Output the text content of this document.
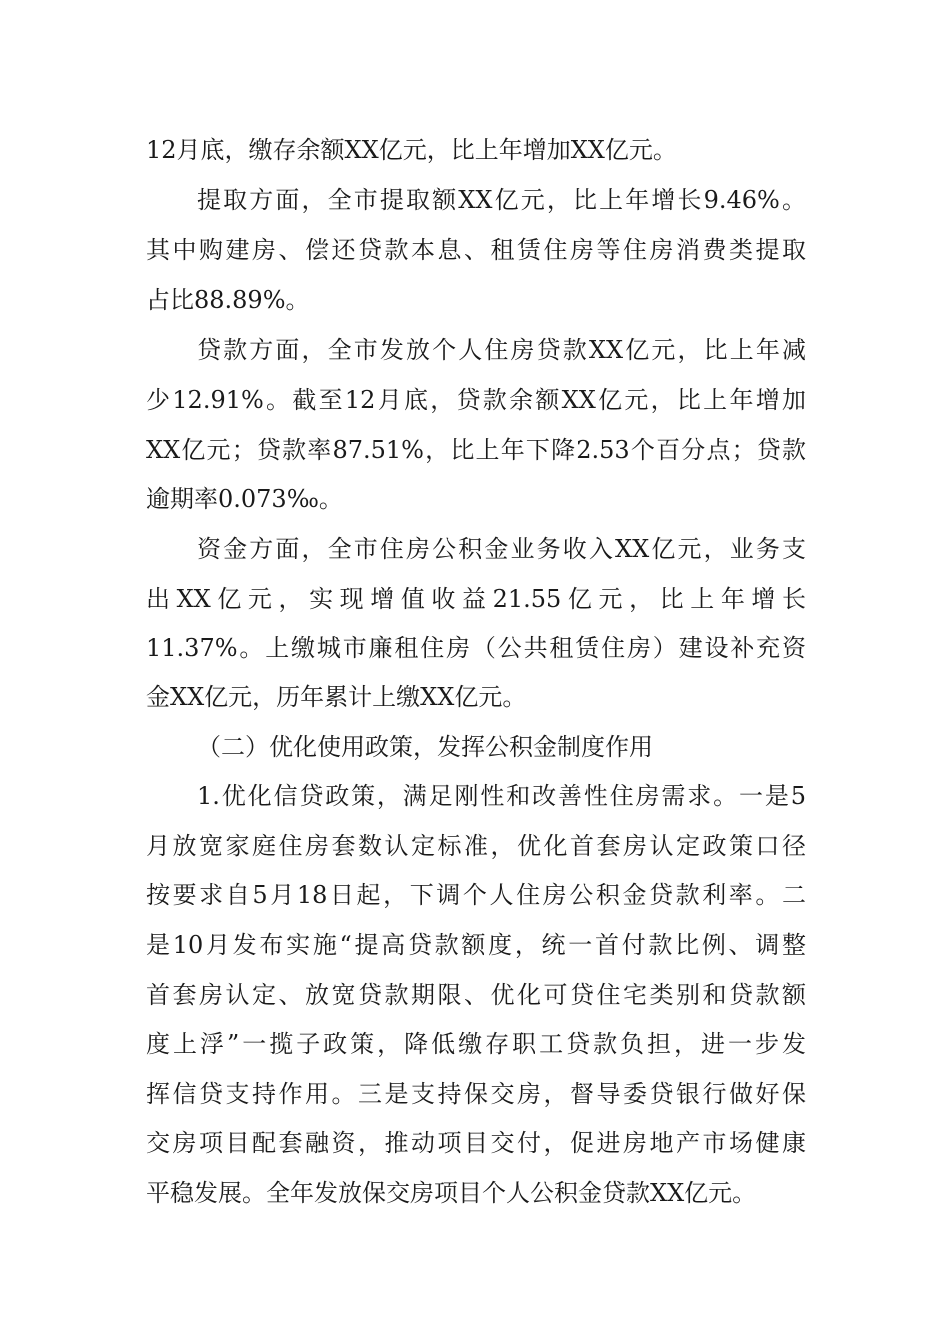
12月底，缴存余额XX亿元，比上年增加XX亿元。
提取方面，全市提取额XX亿元，比上年增长9.46%。
其中购建房、偿还贷款本息、租赁住房等住房消费类提取
占比88.89%。
贷款方面，全市发放个人住房贷款XX亿元，比上年减
少12.91%。截至12月底，贷款余额XX亿元，比上年增加
XX亿元；贷款率87.51%，比上年下降2.53个百分点；贷款
逾期率0.073‰。
资金方面，全市住房公积金业务收入XX亿元，业务支
出XX亿元，实现增值收益21.55亿元，比上年增长
11.37%。上缴城市廉租住房（公共租赁住房）建设补充资
金XX亿元，历年累计上缴XX亿元。
（二）优化使用政策，发挥公积金制度作用
1.优化信贷政策，满足刚性和改善性住房需求。一是5
月放宽家庭住房套数认定标准，优化首套房认定政策口径
按要求自5月18日起，下调个人住房公积金贷款利率。二
是10月发布实施“提高贷款额度，统一首付款比例、调整
首套房认定、放宽贷款期限、优化可贷住宅类别和贷款额
度上浮”一揽子政策，降低缴存职工贷款负担，进一步发
挥信贷支持作用。三是支持保交房，督导委贷银行做好保
交房项目配套融资，推动项目交付，促进房地产市场健康
平稳发展。全年发放保交房项目个人公积金贷款XX亿元。
